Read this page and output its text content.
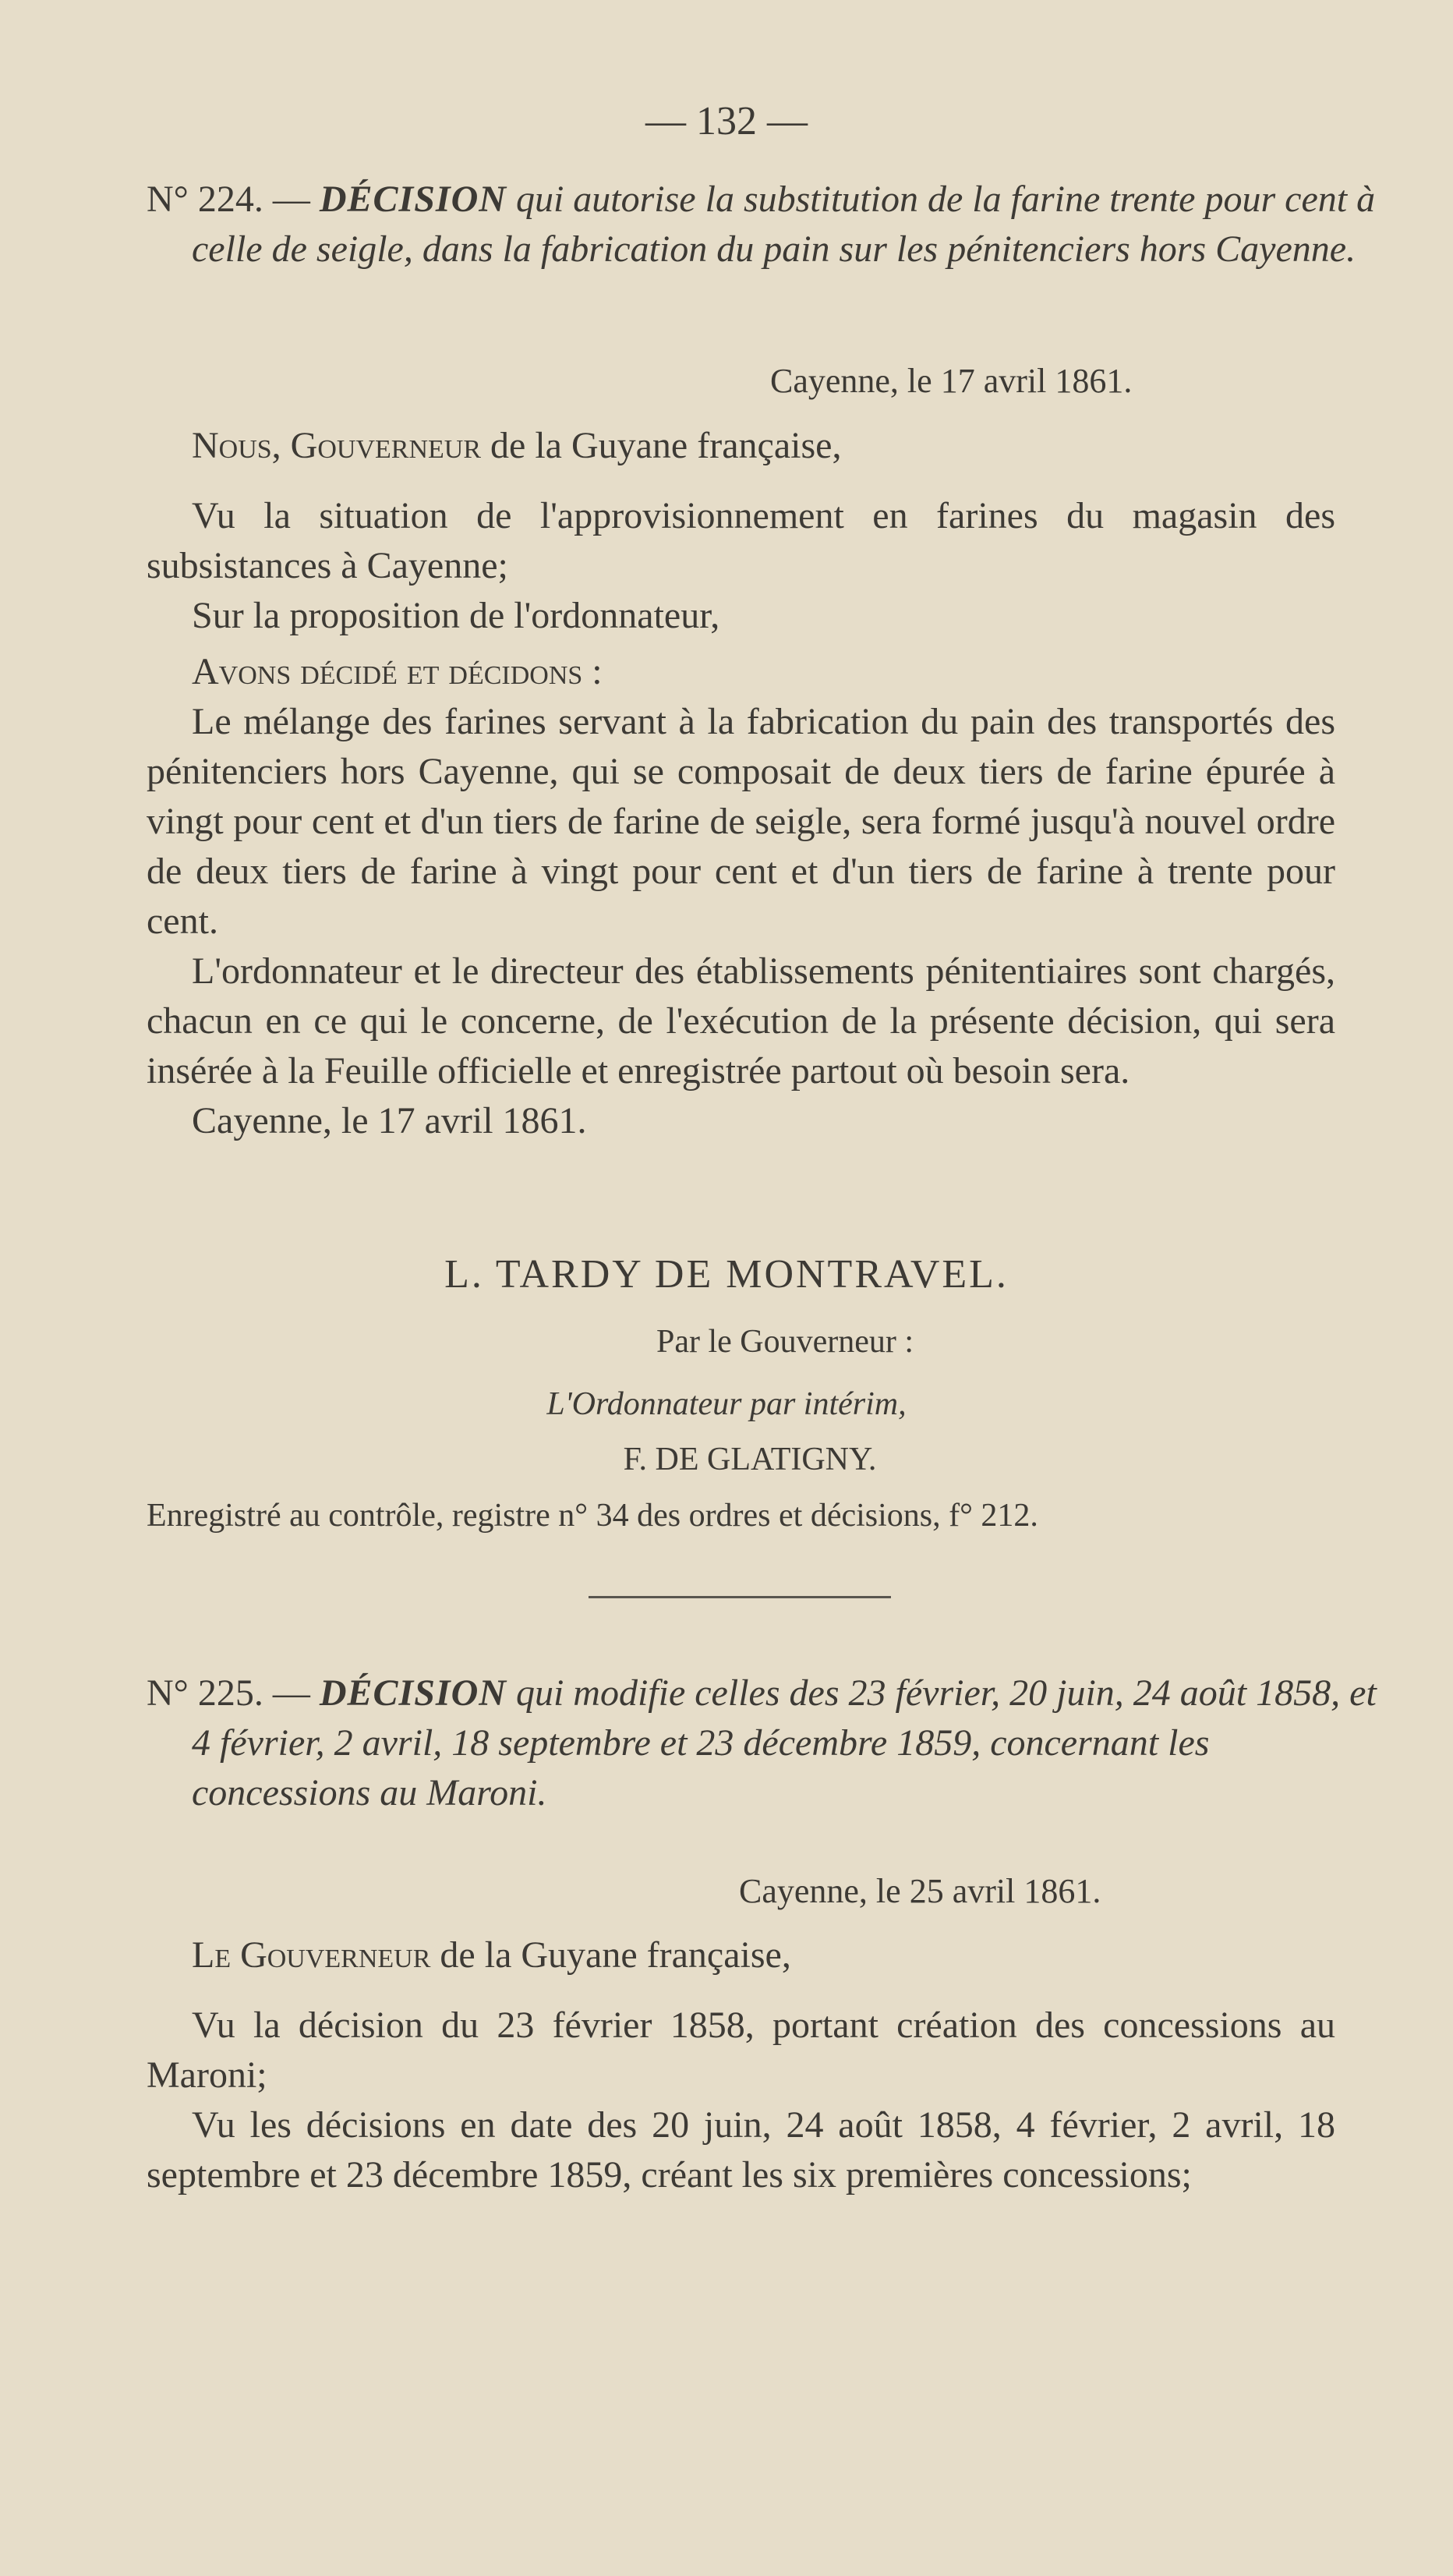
— 132 —
N° 224. — DÉCISION qui autorise la substitution de la farine trente pour cent à celle de seigle, dans la fabrication du pain sur les pénitenciers hors Cayenne.
Cayenne, le 17 avril 1861.

Nous, Gouverneur de la Guyane française,

Vu la situation de l'approvisionnement en farines du magasin des subsistances à Cayenne;

Sur la proposition de l'ordonnateur,

Avons décidé et décidons :

Le mélange des farines servant à la fabrication du pain des transportés des pénitenciers hors Cayenne, qui se composait de deux tiers de farine épurée à vingt pour cent et d'un tiers de farine de seigle, sera formé jusqu'à nouvel ordre de deux tiers de farine à vingt pour cent et d'un tiers de farine à trente pour cent.

L'ordonnateur et le directeur des établissements pénitentiaires sont chargés, chacun en ce qui le concerne, de l'exécution de la présente décision, qui sera insérée à la Feuille officielle et enregistrée partout où besoin sera.

Cayenne, le 17 avril 1861.

L. TARDY DE MONTRAVEL.
Par le Gouverneur :
L'Ordonnateur par intérim,
F. DE GLATIGNY.
Enregistré au contrôle, registre n° 34 des ordres et décisions, f° 212.
N° 225. — DÉCISION qui modifie celles des 23 février, 20 juin, 24 août 1858, et 4 février, 2 avril, 18 septembre et 23 décembre 1859, concernant les concessions au Maroni.
Cayenne, le 25 avril 1861.

Le Gouverneur de la Guyane française,

Vu la décision du 23 février 1858, portant création des concessions au Maroni;

Vu les décisions en date des 20 juin, 24 août 1858, 4 février, 2 avril, 18 septembre et 23 décembre 1859, créant les six premières concessions;
